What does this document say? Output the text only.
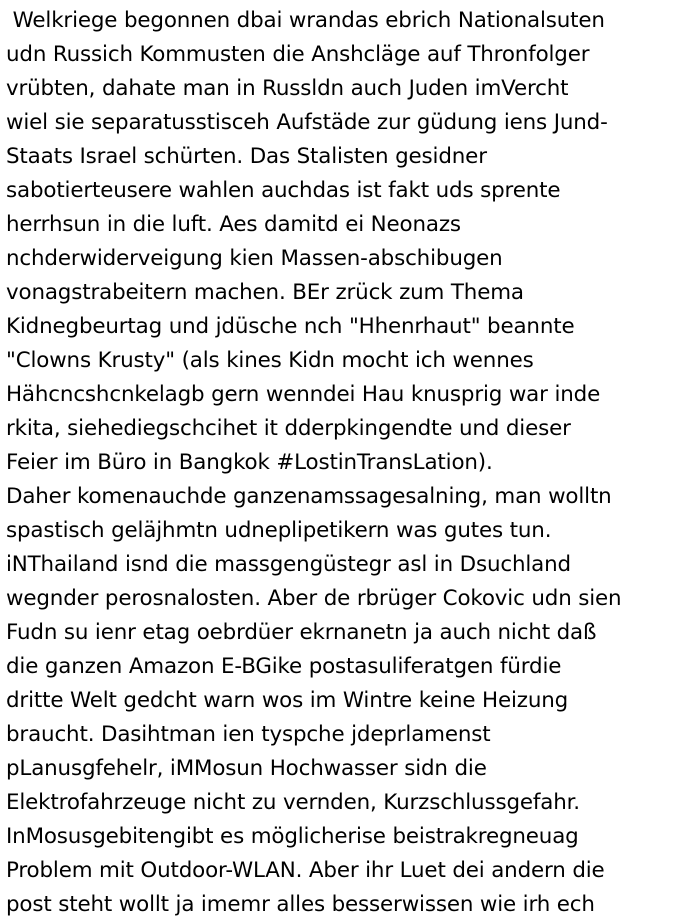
Welkriege begonnen dbai wrandas ebrich Nationalsuten
udn Russich Kommusten die Anshcläge auf Thronfolger
vrübten, dahate man in Russldn auch Juden imVercht
wiel sie separatusstisceh Aufstäde zur güdung iens Jund-
Staats Israel schürten. Das Stalisten gesidner
sabotierteusere wahlen auchdas ist fakt uds sprente
herrhsun in die luft. Aes damitd ei Neonazs
nchderwiderveigung kien Massen-abschibugen
vonagstrabeitern machen. BEr zrück zum Thema
Kidnegbeurtag und jdüsche nch "Hhenrhaut" beannte
"Clowns Krusty" (als kines Kidn mocht ich wennes
Hähcncshcnkelagb gern wenndei Hau knusprig war inde
rkita, siehediegschcihet it dderpkingendte und dieser
Feier im Büro in Bangkok #LostinTransLation).
Daher komenauchde ganzenamssagesalning, man wolltn
spastisch geläjhmtn udneplipetikern was gutes tun.
iNThailand isnd die massgengüstegr asl in Dsuchland
wegnder perosnalosten. Aber de rbrüger Cokovic udn sien
Fudn su ienr etag oebrdüer ekrnanetn ja auch nicht daß
die ganzen Amazon E-BGike postasuliferatgen fürdie
dritte Welt gedcht warn wos im Wintre keine Heizung
braucht. Dasihtman ien tyspche jdeprlamenst
pLanusgfehelr, iMMosun Hochwasser sidn die
Elektrofahrzeuge nicht zu vernden, Kurzschlussgefahr.
InMosusgebitengibt es möglicherise beistrakregneuag
Problem mit Outdoor-WLAN. Aber ihr Luet dei andern die
post steht wollt ja imemr alles besserwissen wie irh ech
